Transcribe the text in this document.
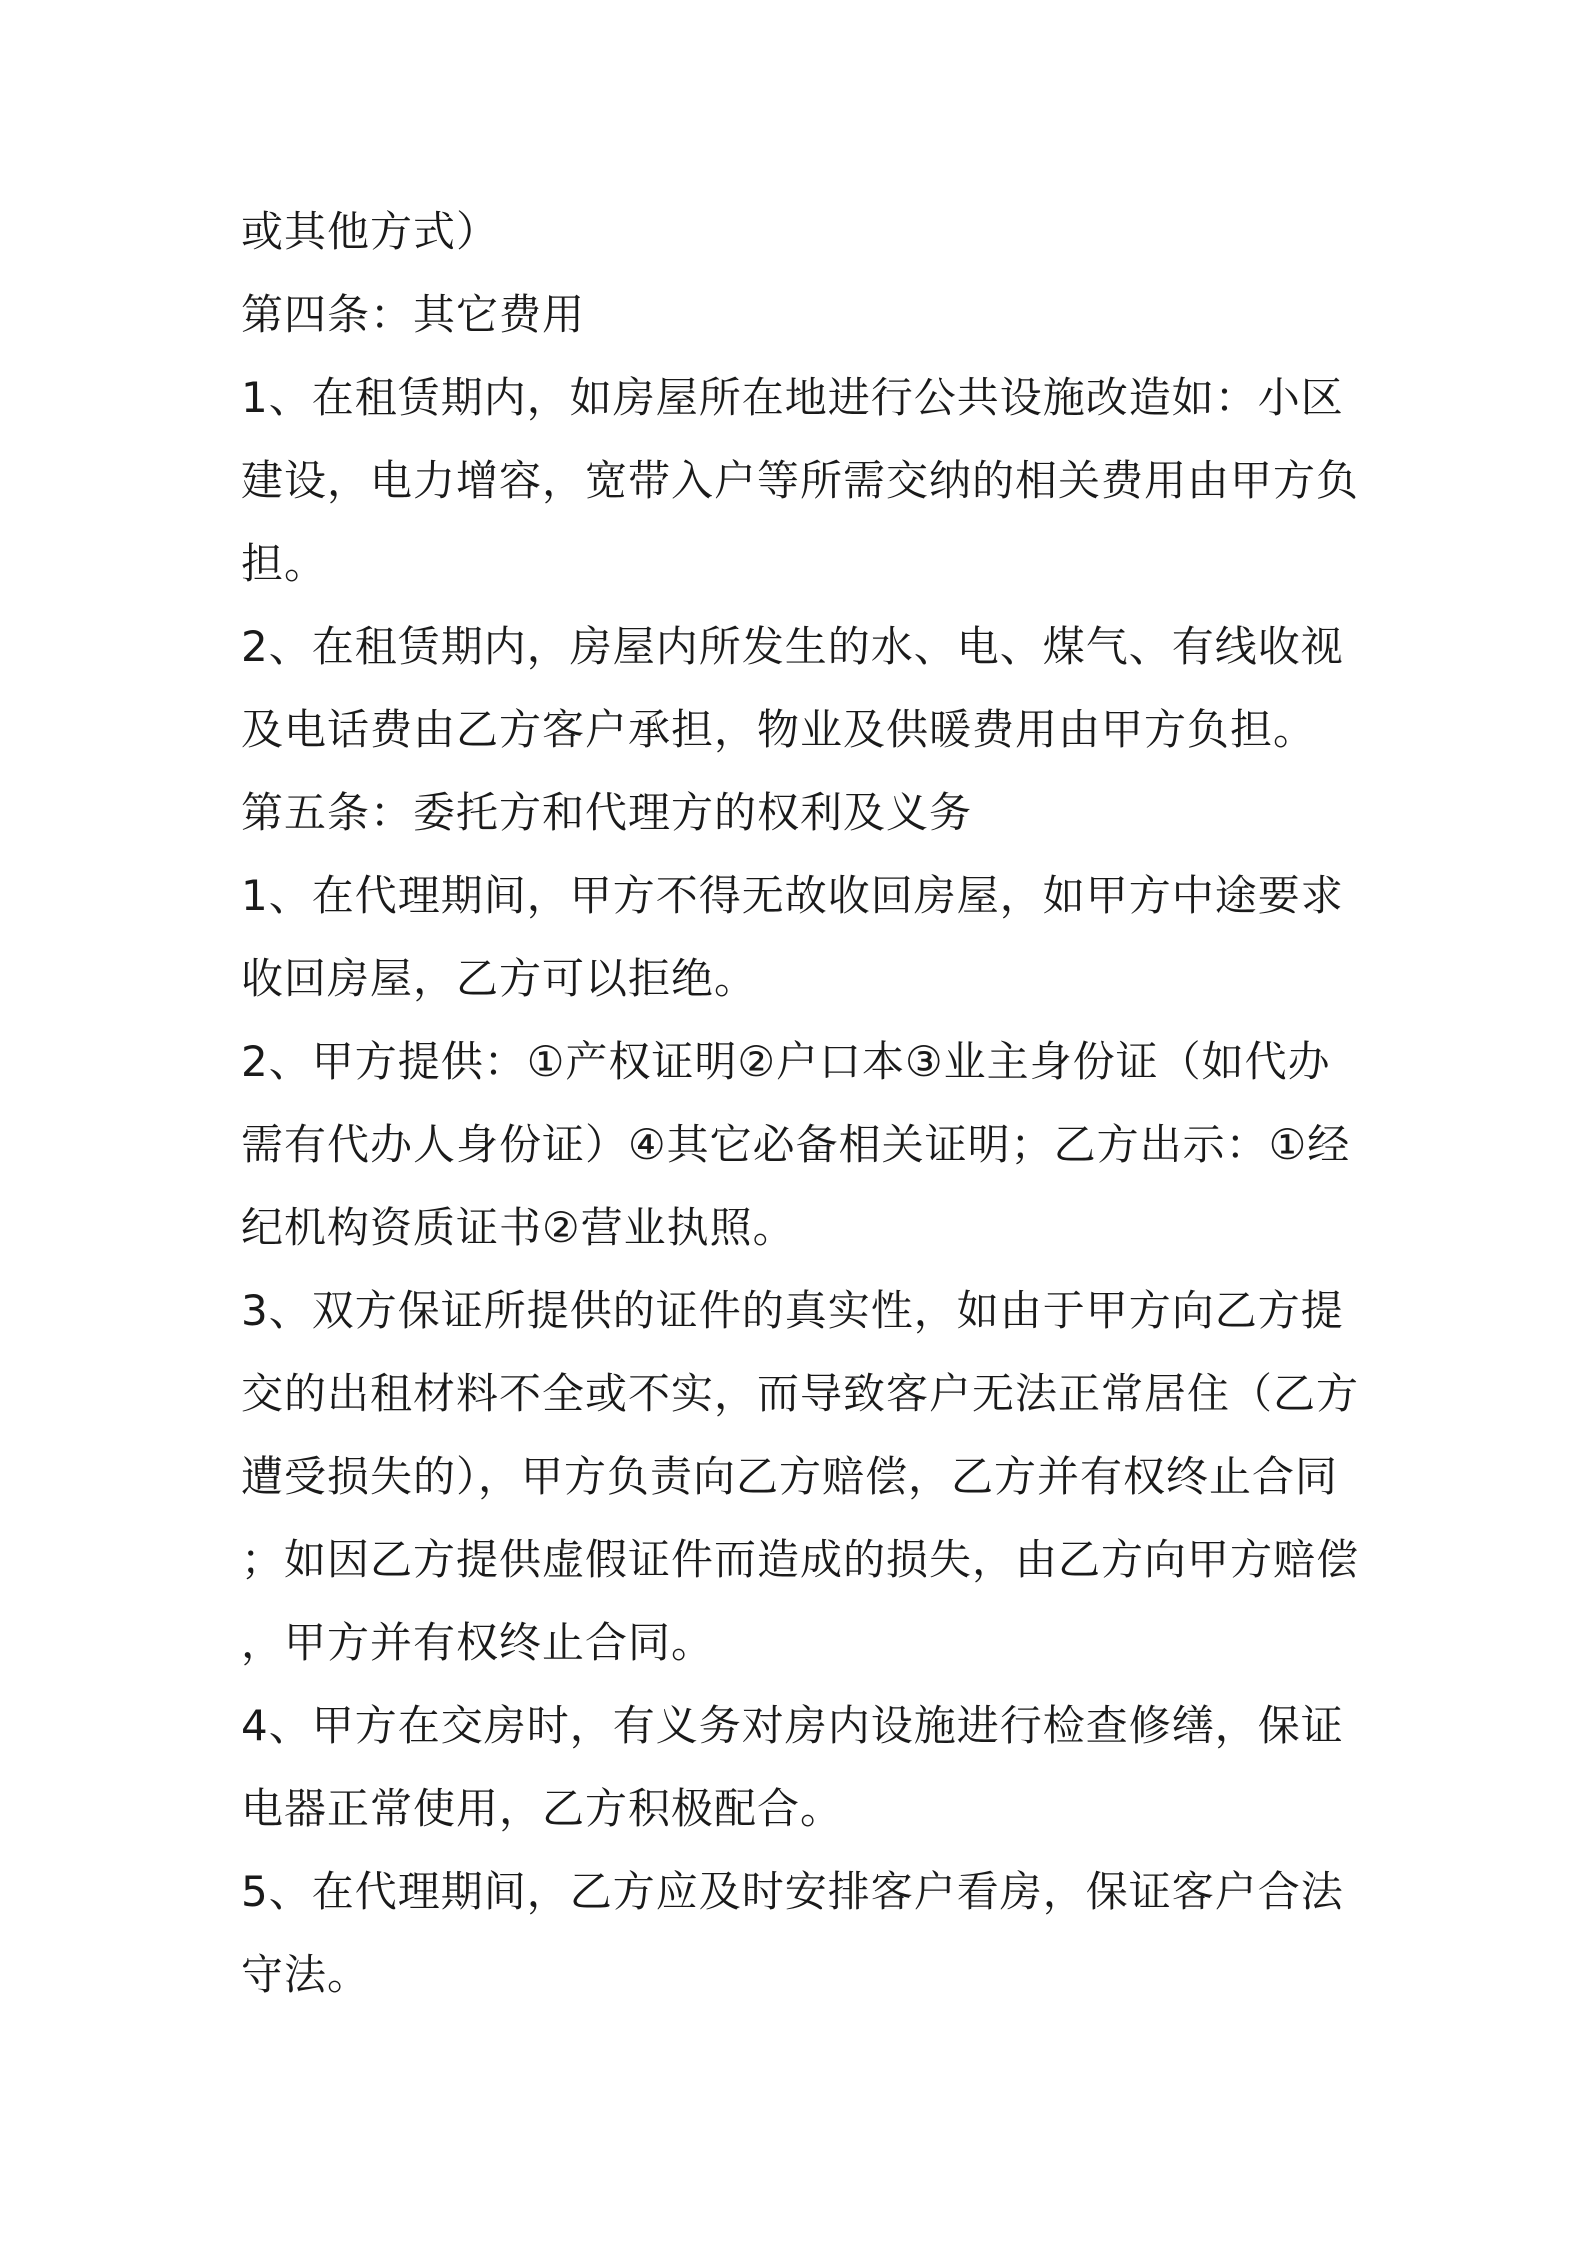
或其他方式）
第四条：其它费用
1、在租赁期内，如房屋所在地进行公共设施改造如：小区
建设，电力增容，宽带入户等所需交纳的相关费用由甲方负
担。
2、在租赁期内，房屋内所发生的水、电、煤气、有线收视
及电话费由乙方客户承担，物业及供暖费用由甲方负担。
第五条：委托方和代理方的权利及义务
1、在代理期间，甲方不得无故收回房屋，如甲方中途要求
收回房屋，乙方可以拒绝。
2、甲方提供：①产权证明②户口本③业主身份证（如代办
需有代办人身份证）④其它必备相关证明；乙方出示：①经
纪机构资质证书②营业执照。
3、双方保证所提供的证件的真实性，如由于甲方向乙方提
交的出租材料不全或不实，而导致客户无法正常居住（乙方
遭受损失的），甲方负责向乙方赔偿，乙方并有权终止合同
；如因乙方提供虚假证件而造成的损失，由乙方向甲方赔偿
，甲方并有权终止合同。
4、甲方在交房时，有义务对房内设施进行检查修缮，保证
电器正常使用，乙方积极配合。
5、在代理期间，乙方应及时安排客户看房，保证客户合法
守法。
